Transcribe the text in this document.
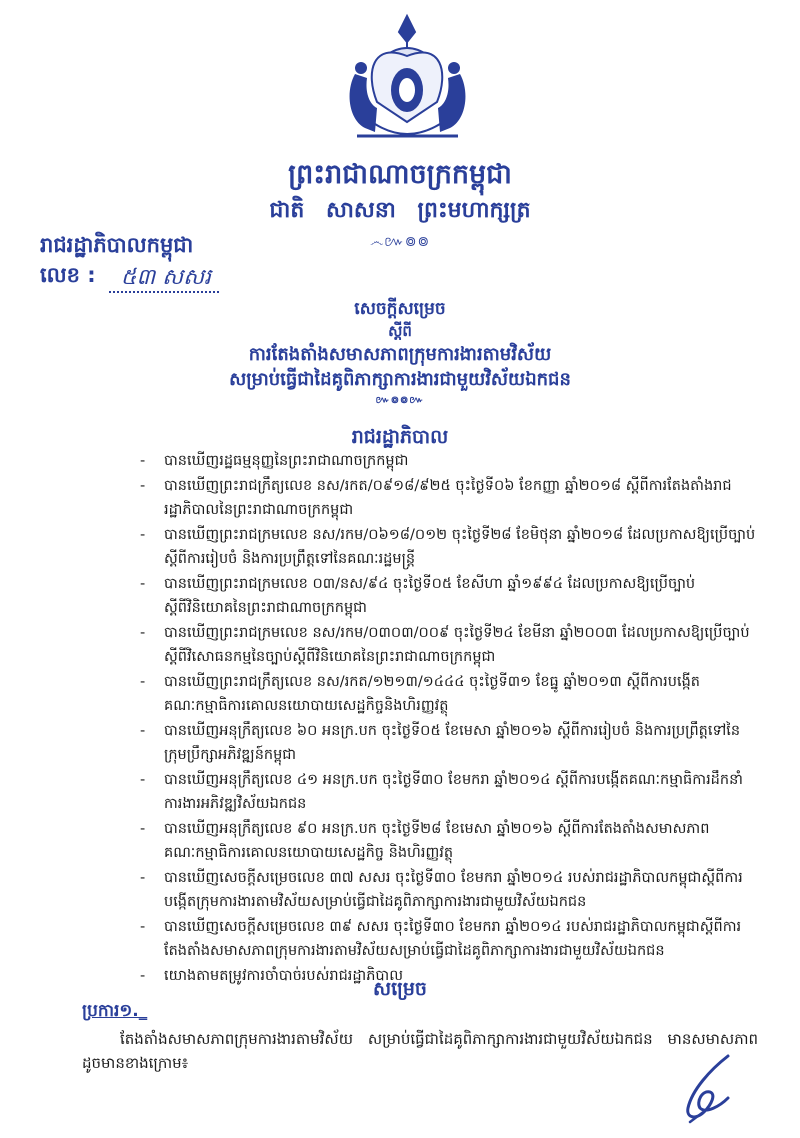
ព្រះរាជាណាចក្រកម្ពុជា
ជាតិ សាសនា ព្រះមហាក្សត្រ
෴៚៙៙
រាជរដ្ឋាភិបាលកម្ពុជា
លេខ : ៥៣ សសរ
សេចក្តីសម្រេច
ស្តីពី
ការតែងតាំងសមាសភាពក្រុមការងារតាមវិស័យ
សម្រាប់ធ្វើជាដៃគូពិភាក្សាការងារជាមួយវិស័យឯកជន
៚៙៙៚
រាជរដ្ឋាភិបាល
- បានឃើញរដ្ឋធម្មនុញ្ញនៃព្រះរាជាណាចក្រកម្ពុជា
- បានឃើញព្រះរាជក្រឹត្យលេខ នស/រកត/០៩១៨/៩២៥ ចុះថ្ងៃទី០៦ ខែកញ្ញា ឆ្នាំ២០១៨ ស្តីពីការតែងតាំងរាជរដ្ឋាភិបាលនៃព្រះរាជាណាចក្រកម្ពុជា
- បានឃើញព្រះរាជក្រមលេខ នស/រកម/០៦១៨/០១២ ចុះថ្ងៃទី២៨ ខែមិថុនា ឆ្នាំ២០១៨ ដែលប្រកាសឱ្យប្រើច្បាប់ស្តីពីការរៀបចំ និងការប្រព្រឹត្តទៅនៃគណៈរដ្ឋមន្ត្រី
- បានឃើញព្រះរាជក្រមលេខ ០៣/នស/៩៤ ចុះថ្ងៃទី០៥ ខែសីហា ឆ្នាំ១៩៩៤ ដែលប្រកាសឱ្យប្រើច្បាប់ស្តីពីវិនិយោគនៃព្រះរាជាណាចក្រកម្ពុជា
- បានឃើញព្រះរាជក្រមលេខ នស/រកម/០៣០៣/០០៩ ចុះថ្ងៃទី២៤ ខែមីនា ឆ្នាំ២០០៣ ដែលប្រកាសឱ្យប្រើច្បាប់ស្តីពីវិសោធនកម្មនៃច្បាប់ស្តីពីវិនិយោគនៃព្រះរាជាណាចក្រកម្ពុជា
- បានឃើញព្រះរាជក្រឹត្យលេខ នស/រកត/១២១៣/១៤៤៤ ចុះថ្ងៃទី៣១ ខែធ្នូ ឆ្នាំ២០១៣ ស្តីពីការបង្កើតគណៈកម្មាធិការគោលនយោបាយសេដ្ឋកិច្ចនិងហិរញ្ញវត្ថុ
- បានឃើញអនុក្រឹត្យលេខ ៦០ អនក្រ.បក ចុះថ្ងៃទី០៥ ខែមេសា ឆ្នាំ២០១៦ ស្តីពីការរៀបចំ និងការប្រព្រឹត្តទៅនៃក្រុមប្រឹក្សាអភិវឌ្ឍន៍កម្ពុជា
- បានឃើញអនុក្រឹត្យលេខ ៤១ អនក្រ.បក ចុះថ្ងៃទី៣០ ខែមករា ឆ្នាំ២០១៤ ស្តីពីការបង្កើតគណៈកម្មាធិការដឹកនាំការងារអភិវឌ្ឍវិស័យឯកជន
- បានឃើញអនុក្រឹត្យលេខ ៩០ អនក្រ.បក ចុះថ្ងៃទី២៨ ខែមេសា ឆ្នាំ២០១៦ ស្តីពីការតែងតាំងសមាសភាពគណៈកម្មាធិការគោលនយោបាយសេដ្ឋកិច្ច និងហិរញ្ញវត្ថុ
- បានឃើញសេចក្តីសម្រេចលេខ ៣៧ សសរ ចុះថ្ងៃទី៣០ ខែមករា ឆ្នាំ២០១៤ របស់រាជរដ្ឋាភិបាលកម្ពុជាស្តីពីការបង្កើតក្រុមការងារតាមវិស័យសម្រាប់ធ្វើជាដៃគូពិភាក្សាការងារជាមួយវិស័យឯកជន
- បានឃើញសេចក្តីសម្រេចលេខ ៣៩ សសរ ចុះថ្ងៃទី៣០ ខែមករា ឆ្នាំ២០១៤ របស់រាជរដ្ឋាភិបាលកម្ពុជាស្តីពីការតែងតាំងសមាសភាពក្រុមការងារតាមវិស័យសម្រាប់ធ្វើជាដៃគូពិភាក្សាការងារជាមួយវិស័យឯកជន
- យោងតាមតម្រូវការចាំបាច់របស់រាជរដ្ឋាភិបាល
សម្រេច
ប្រការ១._
តែងតាំងសមាសភាពក្រុមការងារតាមវិស័យ សម្រាប់ធ្វើជាដៃគូពិភាក្សាការងារជាមួយវិស័យឯកជន មានសមាសភាព ដូចមានខាងក្រោម៖
